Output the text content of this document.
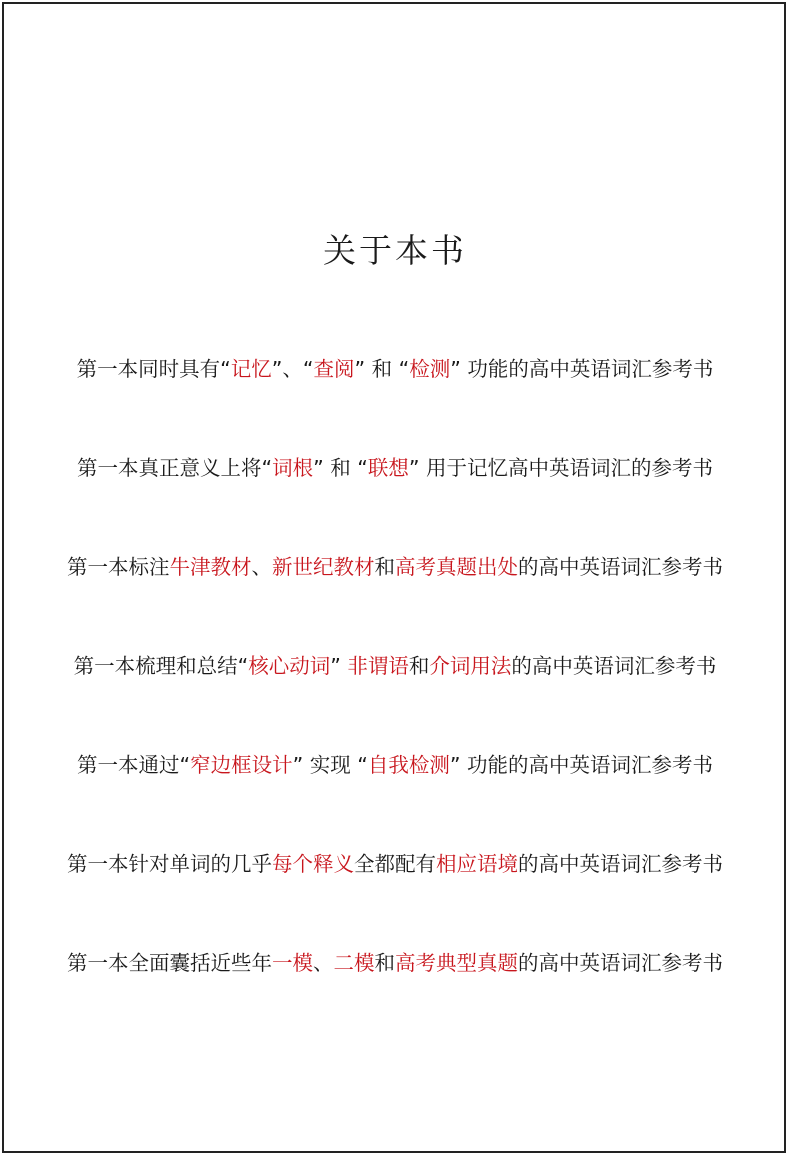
关于本书
第一本同时具有“记忆”、“查阅” 和 “检测” 功能的高中英语词汇参考书
第一本真正意义上将“词根” 和 “联想” 用于记忆高中英语词汇的参考书
第一本标注牛津教材、新世纪教材和高考真题出处的高中英语词汇参考书
第一本梳理和总结“核心动词” 非谓语和介词用法的高中英语词汇参考书
第一本通过“窄边框设计” 实现 “自我检测” 功能的高中英语词汇参考书
第一本针对单词的几乎每个释义全都配有相应语境的高中英语词汇参考书
第一本全面囊括近些年一模、二模和高考典型真题的高中英语词汇参考书
